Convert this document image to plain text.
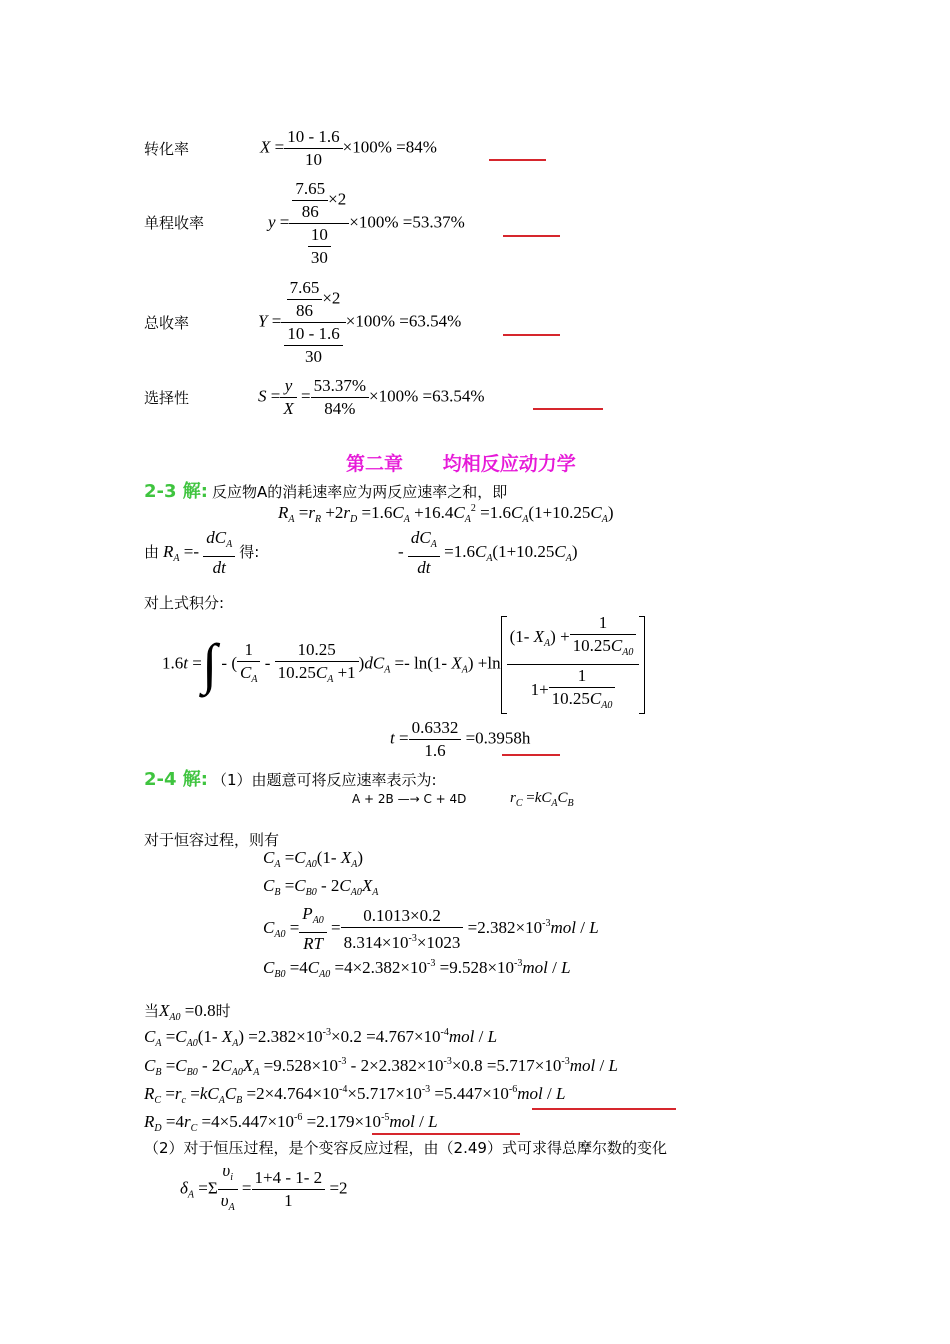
转化率	$X = \frac{10 - 1.6}{10} \times 100\% =84\%$
单程收率	$y = \frac{\frac{7.65}{86} \times 2}{\frac{10}{30}} \times 100\% =53.37\%$
总收率	$Y = \frac{\frac{7.65}{86} \times 2}{\frac{10 - 1.6}{30}} \times 100\% =63.54\%$
选择性	$S = \frac{y}{X} = \frac{53.37\%}{84\%} \times 100\% =63.54\%$
第二章      均相反应动力学
2-3 解: 反应物A的消耗速率应为两反应速率之和，即
$R_A =r_R +2r_D =1.6C_A +16.4C_A^2 =1.6C_A(1+10.25C_A)$
由 $R_A =- \frac{dC_A}{dt}$ 得:	- $\frac{dC_A}{dt} =1.6C_A(1+10.25C_A)$
对上式积分:
1.6t =∫ - ( $\frac{1}{C_A} - \frac{10.25}{10.25C_A +1} )dC_A =- \ln(1-$ $X_A) +\ln \frac{(1- X_A) + \frac{1}{10.25C_{A0}}}{1+ \frac{1}{10.25C_{A0}}}$
$t = \frac{0.6332}{1.6} =0.3958h$
2-4 解: （1）由题意可将反应速率表示为:
A + 2B —→ C + 4D	$r_C =kC_AC_B$
对于恒容过程，则有
$C_A =C_{A0}(1-$ $X_A$)
$C_B =C_{B0} - 2C_{A0}X_A$
$C_{A0} = \frac{P_{A0}}{RT} = \frac{0.1013\times 0.2}{8.314\times 10^{-3}\times 1023} =2.382\times 10^{-3}mol / L$
$C_{B0} =4C_{A0} =4\times 2.382\times 10^{-3} =9.528\times 10^{-3}mol / L$
当$X_{A0} =0.8$时
$C_A =C_{A0}(1-$ $X_A) =2.382\times 10^{-3}\times 0.2 =4.767\times 10^{-4}mol / L$
$C_B =C_{B0} - 2C_{A0}X_A =9.528\times 10^{-3} - 2\times 2.382\times 10^{-3}\times 0.8 =5.717\times 10^{-3}mol / L$
$R_C =r_c =kC_AC_B =2\times 4.764\times 10^{-4}\times 5.717\times 10^{-3} =5.447\times 10^{-6}mol / L$
$R_D =4r_C =4\times 5.447\times 10^{-6} =2.179\times 10^{-5}mol / L$
（2）对于恒压过程，是个变容反应过程，由（2.49）式可求得总摩尔数的变化
$\delta_A =\Sigma \frac{\upsilon_i}{\upsilon_A} = \frac{1+4 - 1- 2}{1} =2$
